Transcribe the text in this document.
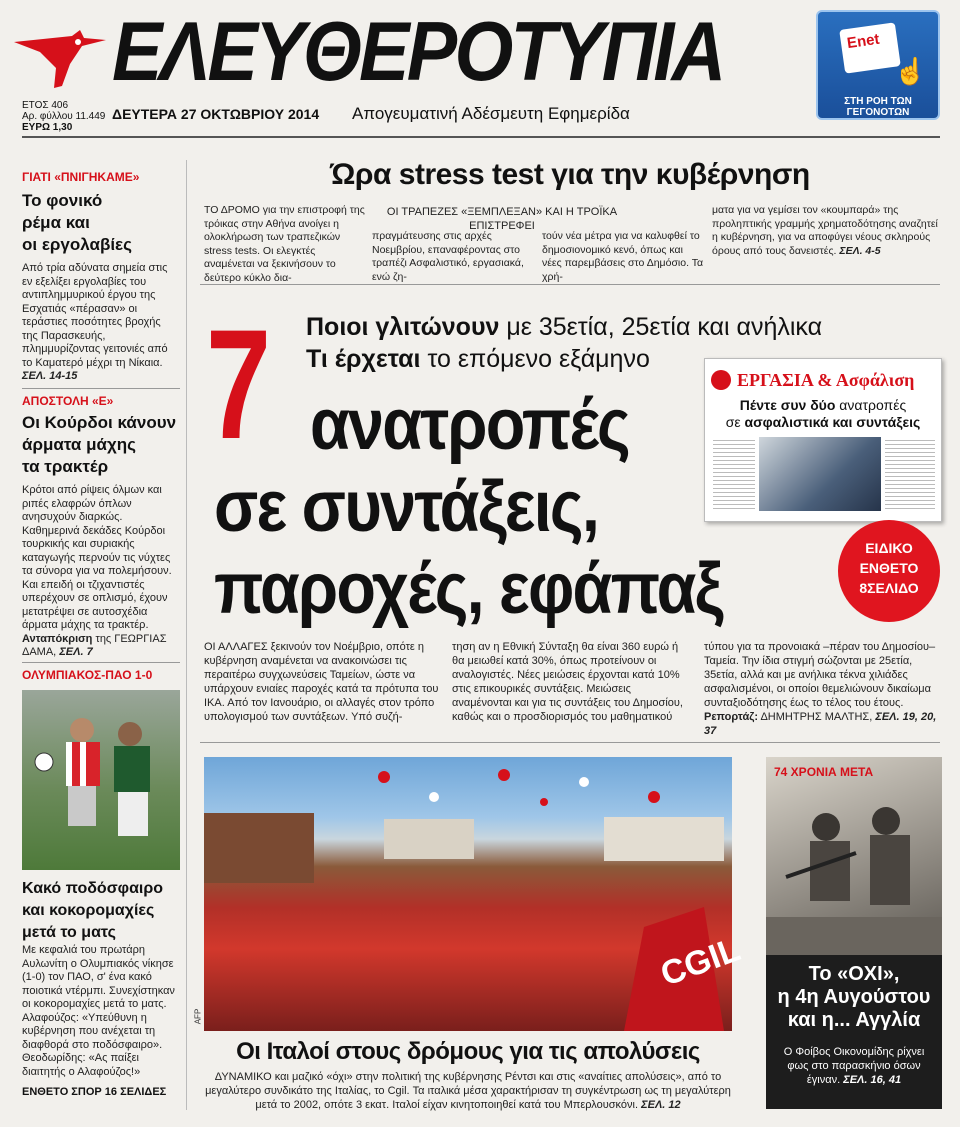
ΕΛΕΥΘΕΡΟΤΥΠΙΑ
ΕΤΟΣ 406
Αρ. φύλλου 11.449
ΕΥΡΩ 1,30
ΔΕΥΤΕΡΑ 27 ΟΚΤΩΒΡΙΟΥ 2014 Απογευματινή Αδέσμευτη Εφημερίδα
Enet
☝
ΣΤΗ ΡΟΗ ΤΩΝ ΓΕΓΟΝΟΤΩΝ
ΓΙΑΤΙ «ΠΝΙΓΗΚΑΜΕ»
Το φονικό
ρέμα και
οι εργολαβίες
Από τρία αδύνατα σημεία στις εν εξελίξει εργολαβίες του αντιπλημμυρικού έργου της Εσχατιάς «πέρασαν» οι τεράστιες ποσότητες βροχής της Παρασκευής, πλημμυρίζοντας γειτονιές από το Καματερό μέχρι τη Νίκαια. ΣΕΛ. 14-15
ΑΠΟΣΤΟΛΗ «Ε»
Οι Κούρδοι κάνουν
άρματα μάχης
τα τρακτέρ
Κρότοι από ρίψεις όλμων και ριπές ελαφρών όπλων ανησυχούν διαρκώς. Καθημερινά δεκάδες Κούρδοι τουρκικής και συριακής καταγωγής περνούν τις νύχτες τα σύνορα για να πολεμήσουν. Και επειδή οι τζιχαντιστές υπερέχουν σε οπλισμό, έχουν μετατρέψει σε αυτοσχέδια άρματα μάχης τα τρακτέρ. Ανταπόκριση της ΓΕΩΡΓΙΑΣ ΔΑΜΑ, ΣΕΛ. 7
ΟΛΥΜΠΙΑΚΟΣ-ΠΑΟ 1-0
Κακό ποδόσφαιρο
και κοκορομαχίες
μετά το ματς
Με κεφαλιά του πρωτάρη Αυλωνίτη ο Ολυμπιακός νίκησε (1-0) τον ΠΑΟ, σ' ένα κακό ποιοτικά ντέρμπι. Συνεχίστηκαν οι κοκορομαχίες μετά το ματς. Αλαφούζος: «Υπεύθυνη η κυβέρνηση που ανέχεται τη διαφθορά στο ποδόσφαιρο». Θεοδωρίδης: «Ας παίξει διαιτητής ο Αλαφούζος!»
ΕΝΘΕΤΟ ΣΠΟΡ 16 ΣΕΛΙΔΕΣ
Ώρα stress test για την κυβέρνηση
ΤΟ ΔΡΟΜΟ για την επιστροφή της τρόικας στην Αθήνα ανοίγει η ολοκλήρωση των τραπεζικών stress tests. Οι ελεγκτές αναμένεται να ξεκινήσουν το δεύτερο κύκλο δια-
ΟΙ ΤΡΑΠΕΖΕΣ «ΞΕΜΠΛΕΞΑΝ» ΚΑΙ Η ΤΡΟΪΚΑ ΕΠΙΣΤΡΕΦΕΙ
πραγμάτευσης στις αρχές Νοεμβρίου, επαναφέροντας στο τραπέζι Ασφαλιστικό, εργασιακά, ενώ ζη-
τούν νέα μέτρα για να καλυφθεί το δημοσιονομικό κενό, όπως και νέες παρεμβάσεις στο Δημόσιο. Τα χρή-
ματα για να γεμίσει τον «κουμπαρά» της προληπτικής γραμμής χρηματοδότησης αναζητεί η κυβέρνηση, για να αποφύγει νέους σκληρούς όρους από τους δανειστές. ΣΕΛ. 4-5
7 Ποιοι γλιτώνουν με 35ετία, 25ετία και ανήλικα
Τι έρχεται το επόμενο εξάμηνο
ανατροπές
σε συντάξεις,
παροχές, εφάπαξ
ΕΡΓΑΣΙΑ & Ασφάλιση
Πέντε συν δύο ανατροπές
σε ασφαλιστικά και συντάξεις
ΕΙΔΙΚΟ
ΕΝΘΕΤΟ
8ΣΕΛΙΔΟ
ΟΙ ΑΛΛΑΓΕΣ ξεκινούν τον Νοέμβριο, οπότε η κυβέρνηση αναμένεται να ανακοινώσει τις περαιτέρω συγχωνεύσεις Ταμείων, ώστε να υπάρχουν ενιαίες παροχές κατά τα πρότυπα του ΙΚΑ. Από τον Ιανουάριο, οι αλλαγές στον τρόπο υπολογισμού των συντάξεων. Υπό συζή-
τηση αν η Εθνική Σύνταξη θα είναι 360 ευρώ ή θα μειωθεί κατά 30%, όπως προτείνουν οι αναλογιστές. Νέες μειώσεις έρχονται κατά 10% στις επικουρικές συντάξεις. Μειώσεις αναμένονται και για τις συντάξεις του Δημοσίου, καθώς και ο προσδιορισμός του μαθηματικού
τύπου για τα προνοιακά –πέραν του Δημοσίου– Ταμεία. Την ίδια στιγμή σώζονται με 25ετία, 35ετία, αλλά και με ανήλικα τέκνα χιλιάδες ασφαλισμένοι, οι οποίοι θεμελιώνουν δικαίωμα συνταξιοδότησης έως το τέλος του έτους. Ρεπορτάζ: ΔΗΜΗΤΡΗΣ ΜΑΛΤΗΣ, ΣΕΛ. 19, 20, 37
CGIL
AFP
Οι Ιταλοί στους δρόμους για τις απολύσεις
ΔΥΝΑΜΙΚΟ και μαζικό «όχι» στην πολιτική της κυβέρνησης Ρέντσι και στις «αναίτιες απολύσεις», από το μεγαλύτερο συνδικάτο της Ιταλίας, το Cgil. Τα ιταλικά μέσα χαρακτήρισαν τη συγκέντρωση ως τη μεγαλύτερη μετά το 2002, οπότε 3 εκατ. Ιταλοί είχαν κινητοποιηθεί κατά του Μπερλουσκόνι. ΣΕΛ. 12
74 ΧΡΟΝΙΑ ΜΕΤΑ
Το «ΟΧΙ»,
η 4η Αυγούστου
και η... Αγγλία
Ο Φοίβος Οικονομίδης ρίχνει φως στο παρασκήνιο όσων έγιναν. ΣΕΛ. 16, 41
